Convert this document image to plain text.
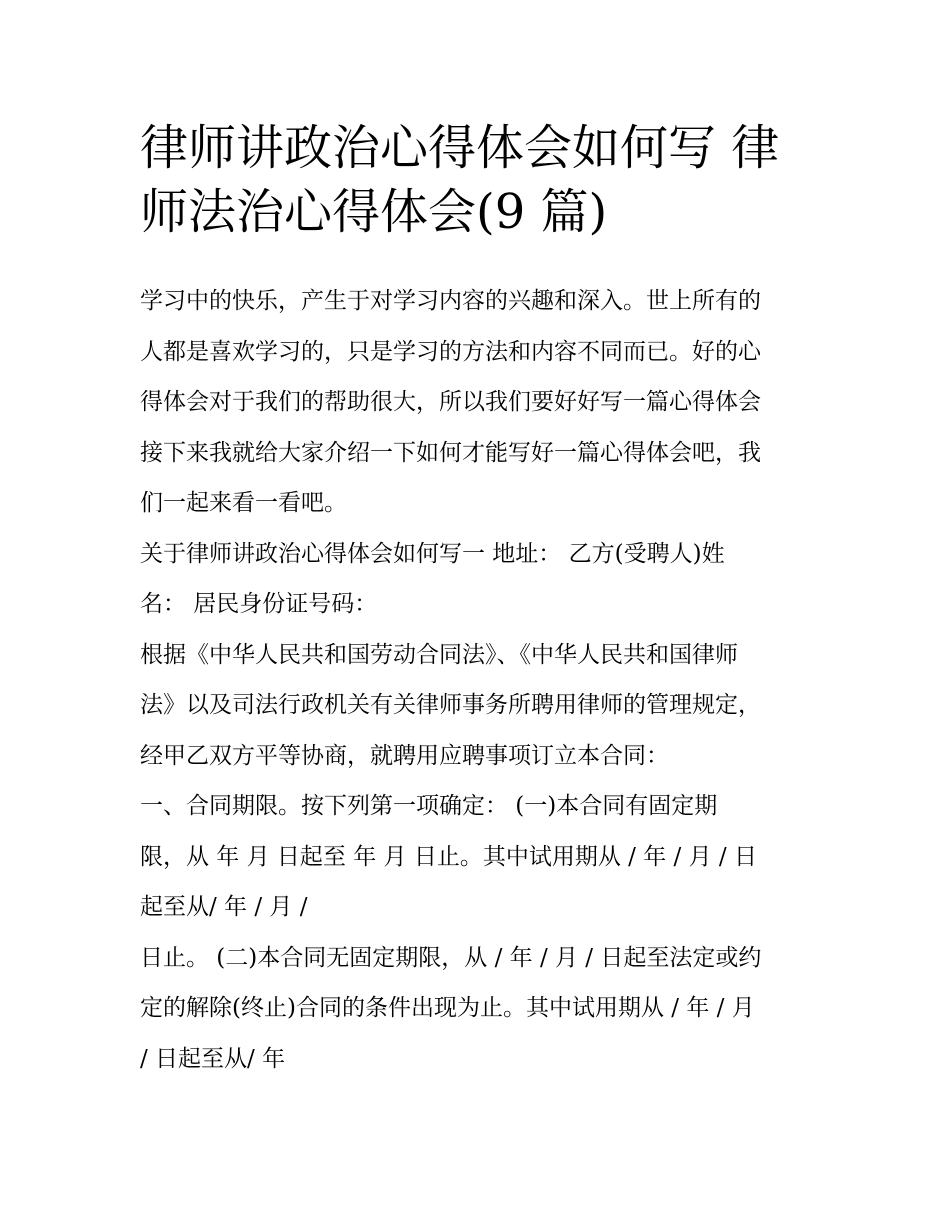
律师讲政治心得体会如何写 律
师法治心得体会(9 篇)
学习中的快乐，产生于对学习内容的兴趣和深入。世上所有的
人都是喜欢学习的，只是学习的方法和内容不同而已。好的心
得体会对于我们的帮助很大，所以我们要好好写一篇心得体会
接下来我就给大家介绍一下如何才能写好一篇心得体会吧，我
们一起来看一看吧。
关于律师讲政治心得体会如何写一 地址： 乙方(受聘人)姓
名： 居民身份证号码：
根据《中华人民共和国劳动合同法》、《中华人民共和国律师
法》以及司法行政机关有关律师事务所聘用律师的管理规定，
经甲乙双方平等协商，就聘用应聘事项订立本合同：
一、合同期限。按下列第一项确定： (一)本合同有固定期
限，从 年 月 日起至 年 月 日止。其中试用期从 / 年 / 月 / 日
起至从/ 年 / 月 /
日止。 (二)本合同无固定期限，从 / 年 / 月 / 日起至法定或约
定的解除(终止)合同的条件出现为止。其中试用期从 / 年 / 月
/ 日起至从/ 年
